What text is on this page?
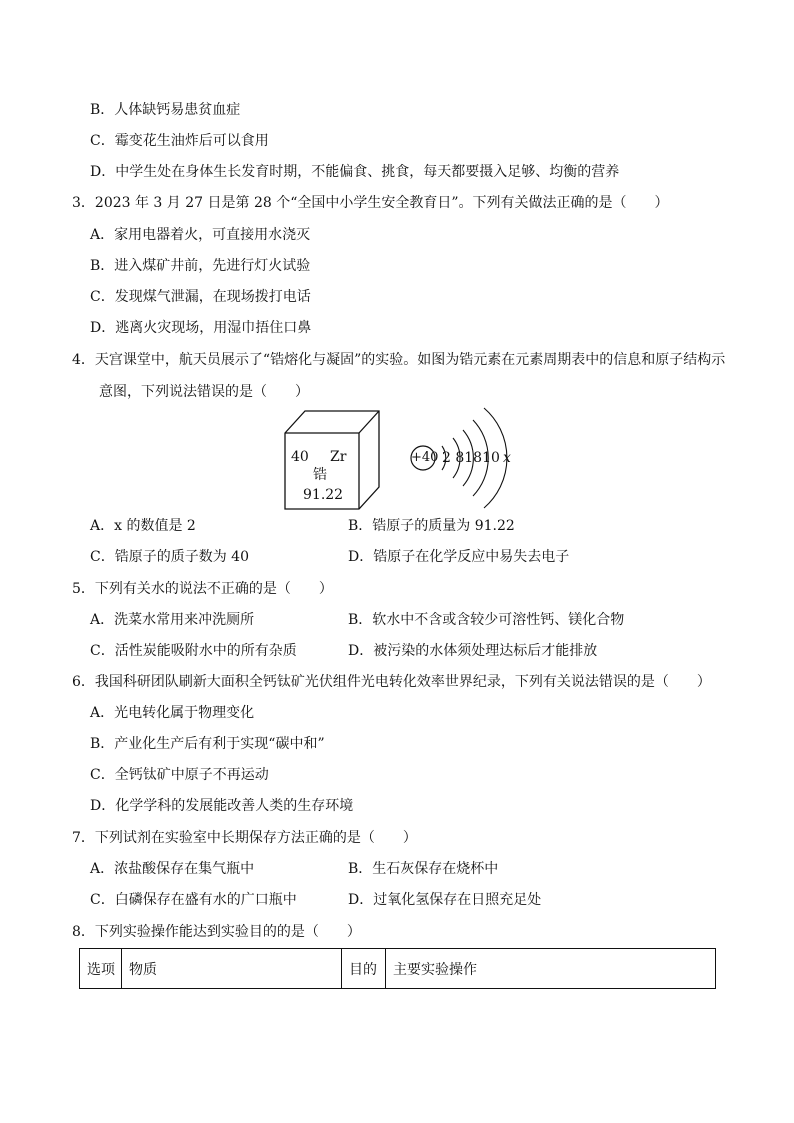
B．人体缺钙易患贫血症
C．霉变花生油炸后可以食用
D．中学生处在身体生长发育时期，不能偏食、挑食，每天都要摄入足够、均衡的营养
3．2023 年 3 月 27 日是第 28 个“全国中小学生安全教育日”。下列有关做法正确的是（　　）
A．家用电器着火，可直接用水浇灭
B．进入煤矿井前，先进行灯火试验
C．发现煤气泄漏，在现场拨打电话
D．逃离火灾现场，用湿巾捂住口鼻
4．天宫课堂中，航天员展示了“锆熔化与凝固”的实验。如图为锆元素在元素周期表中的信息和原子结构示
意图，下列说法错误的是（　　）
40 Zr
锆
91.22
+40 2 81810 x
A．x 的数值是 2	B．锆原子的质量为 91.22
C．锆原子的质子数为 40	D．锆原子在化学反应中易失去电子
5．下列有关水的说法不正确的是（　　）
A．洗菜水常用来冲洗厕所	B．软水中不含或含较少可溶性钙、镁化合物
C．活性炭能吸附水中的所有杂质	D．被污染的水体须处理达标后才能排放
6．我国科研团队刷新大面积全钙钛矿光伏组件光电转化效率世界纪录，下列有关说法错误的是（　　）
A．光电转化属于物理变化
B．产业化生产后有利于实现“碳中和”
C．全钙钛矿中原子不再运动
D．化学学科的发展能改善人类的生存环境
7．下列试剂在实验室中长期保存方法正确的是（　　）
A．浓盐酸保存在集气瓶中	B．生石灰保存在烧杯中
C．白磷保存在盛有水的广口瓶中	D．过氧化氢保存在日照充足处
8．下列实验操作能达到实验目的的是（　　）
选项	物质	目的	主要实验操作
